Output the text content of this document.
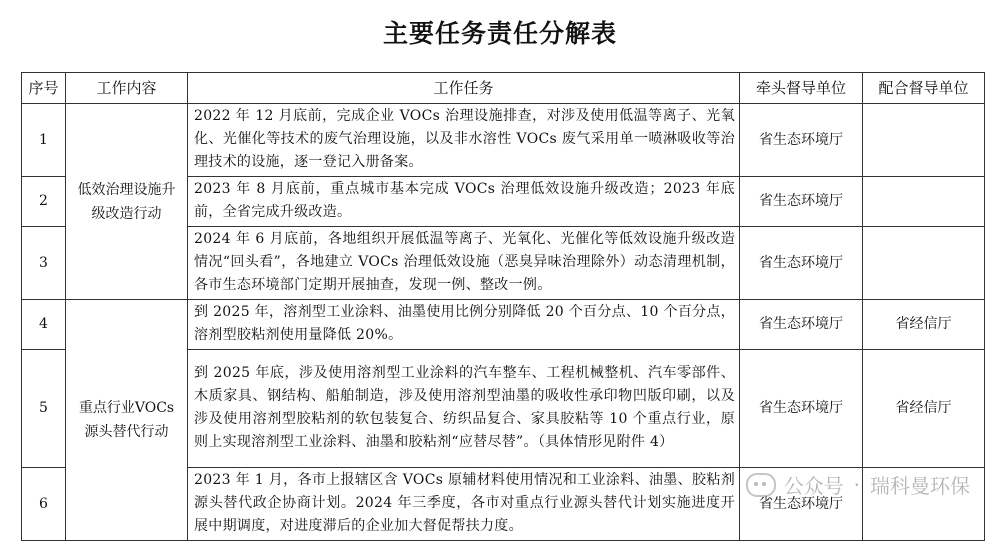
主要任务责任分解表
序号	工作内容	工作任务	牵头督导单位	配合督导单位
1	低效治理设施升级改造行动	2022 年 12 月底前，完成企业 VOCs 治理设施排查，对涉及使用低温等离子、光氧化、光催化等技术的废气治理设施，以及非水溶性 VOCs 废气采用单一喷淋吸收等治理技术的设施，逐一登记入册备案。	省生态环境厅	
2		2023 年 8 月底前，重点城市基本完成 VOCs 治理低效设施升级改造；2023 年底前，全省完成升级改造。	省生态环境厅	
3		2024 年 6 月底前，各地组织开展低温等离子、光氧化、光催化等低效设施升级改造情况“回头看”，各地建立 VOCs 治理低效设施（恶臭异味治理除外）动态清理机制，各市生态环境部门定期开展抽查，发现一例、整改一例。	省生态环境厅	
4	重点行业VOCs源头替代行动	到 2025 年，溶剂型工业涂料、油墨使用比例分别降低 20 个百分点、10 个百分点，溶剂型胶粘剂使用量降低 20%。	省生态环境厅	省经信厅
5		到 2025 年底，涉及使用溶剂型工业涂料的汽车整车、工程机械整机、汽车零部件、木质家具、钢结构、船舶制造，涉及使用溶剂型油墨的吸收性承印物凹版印刷，以及涉及使用溶剂型胶粘剂的软包装复合、纺织品复合、家具胶粘等 10 个重点行业，原则上实现溶剂型工业涂料、油墨和胶粘剂“应替尽替”。（具体情形见附件 4）	省生态环境厅	省经信厅
6		2023 年 1 月，各市上报辖区含 VOCs 原辅材料使用情况和工业涂料、油墨、胶粘剂源头替代政企协商计划。2024 年三季度，各市对重点行业源头替代计划实施进度开展中期调度，对进度滞后的企业加大督促帮扶力度。	省生态环境厅	
公众号 · 瑞科曼环保
